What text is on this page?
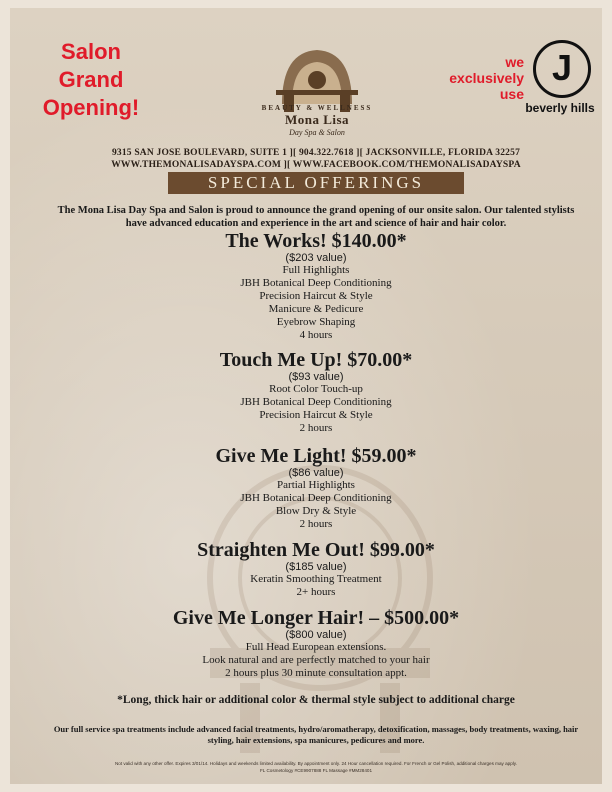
Salon
Grand
Opening!	BEAUTY & WELLNESS
Mona Lisa
Day Spa & Salon
we
exclusively
use
J
beverly hills
9315 SAN JOSE BOULEVARD, SUITE 1 ][ 904.322.7618 ][ JACKSONVILLE, FLORIDA 32257
WWW.THEMONALISADAYSPA.COM ][ WWW.FACEBOOK.COM/THEMONALISADAYSPA
SPECIAL OFFERINGS
The Mona Lisa Day Spa and Salon is proud to announce the grand opening of our onsite salon. Our talented stylists have advanced education and experience in the art and science of hair and hair color.
The Works! $140.00*
($203 value)
Full Highlights
JBH Botanical Deep Conditioning
Precision Haircut & Style
Manicure & Pedicure
Eyebrow Shaping
4 hours
Touch Me Up! $70.00*
($93 value)
Root Color Touch-up
JBH Botanical Deep Conditioning
Precision Haircut & Style
2 hours
Give Me Light! $59.00*
($86 value)
Partial Highlights
JBH Botanical Deep Conditioning
Blow Dry & Style
2 hours
Straighten Me Out! $99.00*
($185 value)
Keratin Smoothing Treatment
2+ hours
Give Me Longer Hair! – $500.00*
($800 value)
Full Head European extensions.
Look natural and are perfectly matched to your hair
2 hours plus 30 minute consultation appt.
*Long, thick hair or additional color & thermal style subject to additional charge
Our full service spa treatments include advanced facial treatments, hydro/aromatherapy, detoxification, massages, body treatments, waxing, hair styling, hair extensions, spa manicures, pedicures and more.
Not valid with any other offer. Expires 3/01/14. Holidays and weekends limited availability. By appointment only. 24 Hour cancellation required. For French or Gel Polish, additional charges may apply.
FL Cosmetology #CE9907888 FL Massage #MM28401
